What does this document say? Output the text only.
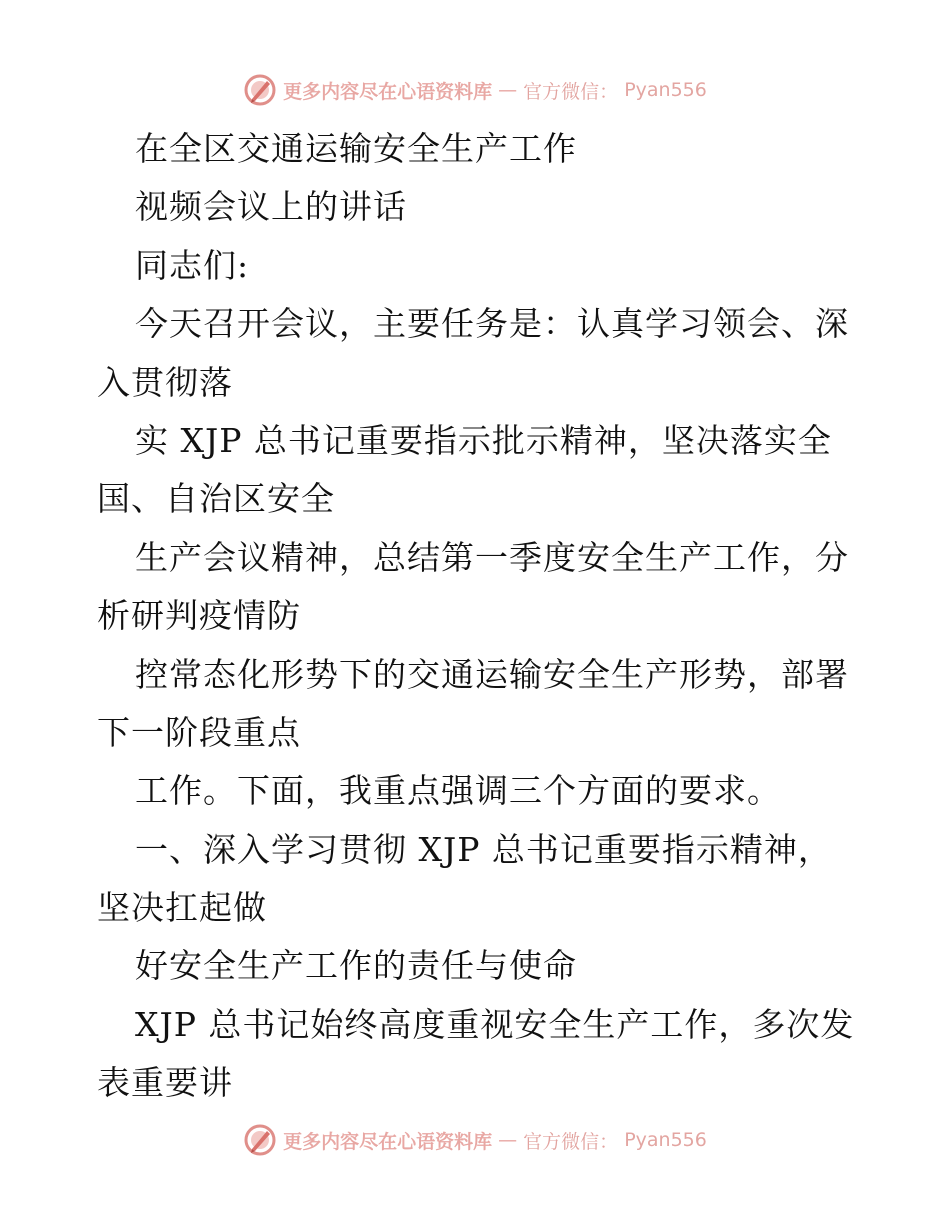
更多内容尽在心语资料库 — 官方微信： Pyan556
在全区交通运输安全生产工作
视频会议上的讲话
同志们:
今天召开会议，主要任务是：认真学习领会、深
入贯彻落
实 XJP 总书记重要指示批示精神，坚决落实全
国、自治区安全
生产会议精神，总结第一季度安全生产工作，分
析研判疫情防
控常态化形势下的交通运输安全生产形势，部署
下一阶段重点
工作。下面，我重点强调三个方面的要求。
一、深入学习贯彻 XJP 总书记重要指示精神，
坚决扛起做
好安全生产工作的责任与使命
XJP 总书记始终高度重视安全生产工作，多次发
表重要讲
更多内容尽在心语资料库 — 官方微信： Pyan556
